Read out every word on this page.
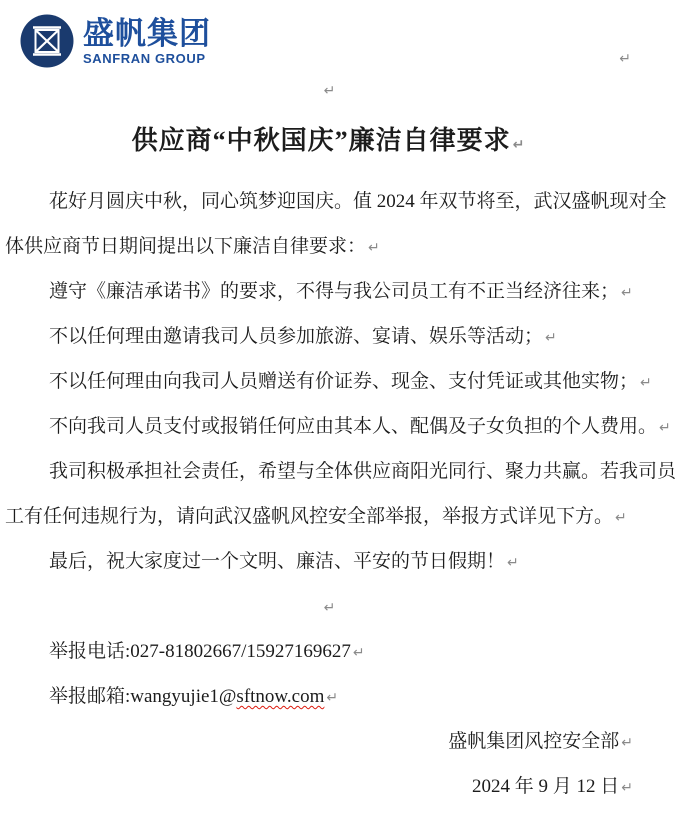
盛帆集团
SANFRAN GROUP	↵
↵
供应商“中秋国庆”廉洁自律要求 ↵
花好月圆庆中秋，同心筑梦迎国庆。值 2024 年双节将至，武汉盛帆现对全
体供应商节日期间提出以下廉洁自律要求： ↵
遵守《廉洁承诺书》的要求，不得与我公司员工有不正当经济往来； ↵
不以任何理由邀请我司人员参加旅游、宴请、娱乐等活动； ↵
不以任何理由向我司人员赠送有价证券、现金、支付凭证或其他实物； ↵
不向我司人员支付或报销任何应由其本人、配偶及子女负担的个人费用。 ↵
我司积极承担社会责任，希望与全体供应商阳光同行、聚力共赢。若我司员
工有任何违规行为，请向武汉盛帆风控安全部举报，举报方式详见下方。 ↵
最后，祝大家度过一个文明、廉洁、平安的节日假期！ ↵
↵
举报电话:027-81802667/15927169627 ↵
举报邮箱:wangyujie1@sftnow.com ↵
盛帆集团风控安全部 ↵
2024 年 9 月 12 日 ↵
